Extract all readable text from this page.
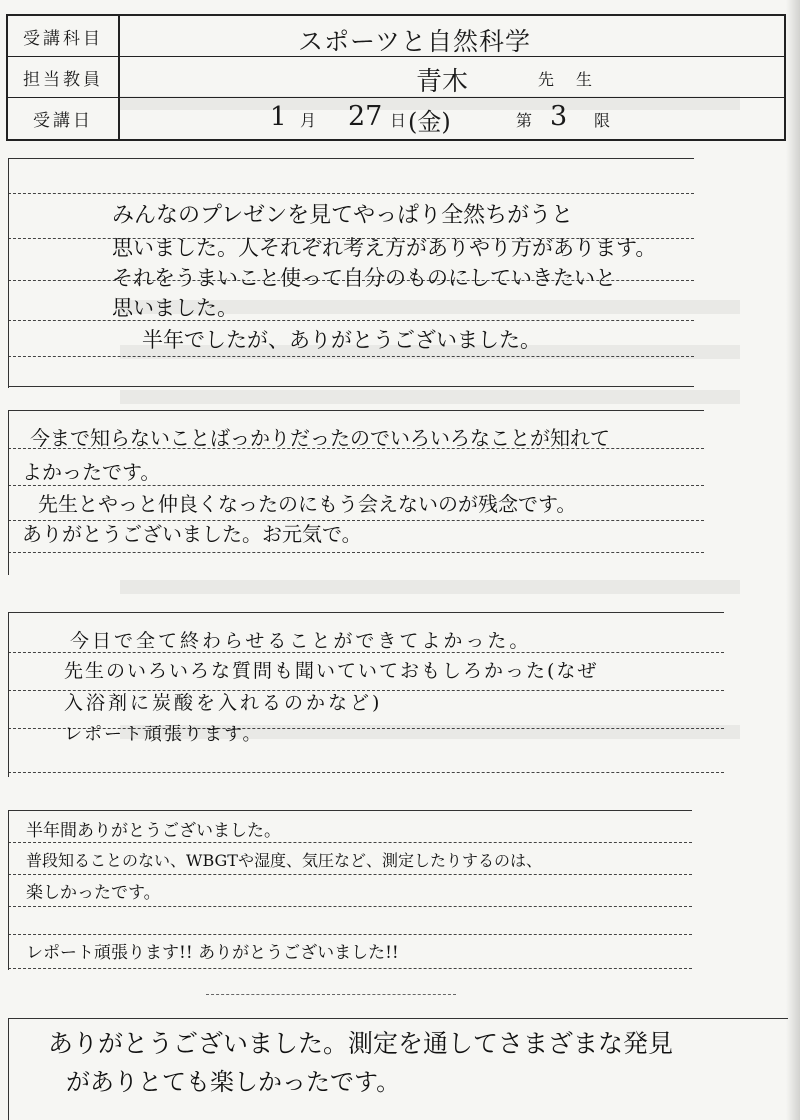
受講科目	スポーツと自然科学
担当教員	青木	先生
受講日	1 月 27 日 (金)	第 3 限
みんなのプレゼンを見てやっぱり全然ちがうと
思いました。人それぞれ考え方がありやり方があります。
それをうまいこと使って自分のものにしていきたいと
思いました。
半年でしたが、ありがとうございました。
今まで知らないことばっかりだったのでいろいろなことが知れて
よかったです。
先生とやっと仲良くなったのにもう会えないのが残念です。
ありがとうございました。お元気で。
今日で全て終わらせることができてよかった。
先生のいろいろな質問も聞いていておもしろかった(なぜ
入浴剤に炭酸を入れるのかなど)
レポート頑張ります。
半年間ありがとうございました。
普段知ることのない、WBGTや湿度、気圧など、測定したりするのは、
楽しかったです。
レポート頑張ります!! ありがとうございました!!
ありがとうございました。測定を通してさまざまな発見
がありとても楽しかったです。
